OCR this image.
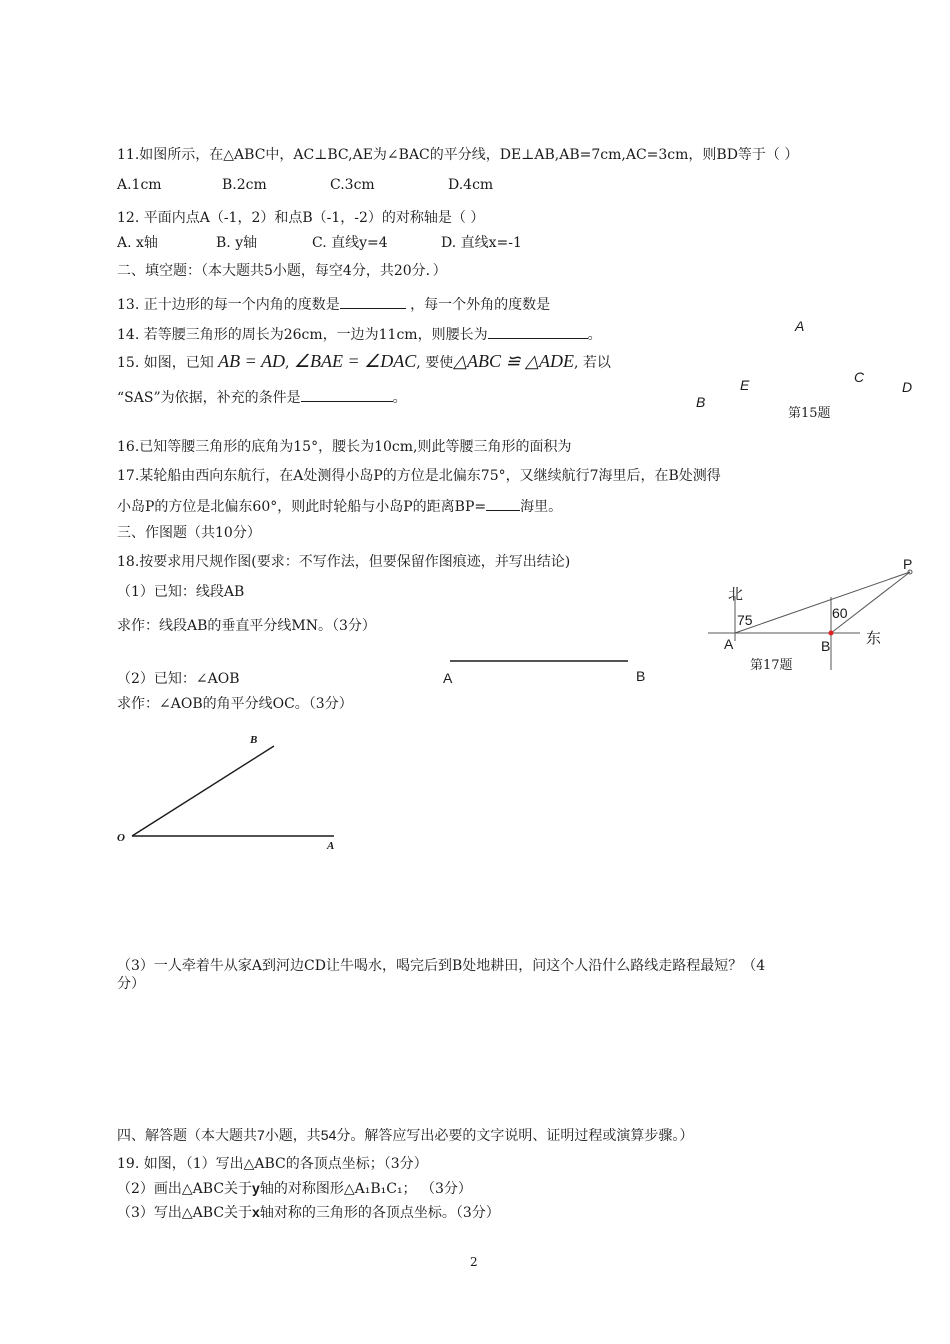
11.如图所示，在△ABC中，AC⊥BC,AE为∠BAC的平分线，DE⊥AB,AB=7cm,AC=3cm，则BD等于（ ）
A.1cm	B.2cm	C.3cm	D.4cm
12. 平面内点A（-1，2）和点B（-1，-2）的对称轴是（ ）
A. x轴	B. y轴	C. 直线y=4	D. 直线x=-1
二、填空题：（本大题共5小题，每空4分，共20分．）
13. 正十边形的每一个内角的度数是	，每一个外角的度数是
14. 若等腰三角形的周长为26cm，一边为11cm，则腰长为	。
15. 如图，已知 AB = AD, ∠BAE = ∠DAC, 要使△ABC ≌ △ADE, 若以
“SAS”为依据，补充的条件是	。
A
E	C
D
B
第15题
16.已知等腰三角形的底角为15°，腰长为10cm,则此等腰三角形的面积为
17.某轮船由西向东航行，在A处测得小岛P的方位是北偏东75°，又继续航行7海里后，在B处测得
小岛P的方位是北偏东60°，则此时轮船与小岛P的距离BP= 海里。
三、作图题（共10分）
18.按要求用尺规作图(要求：不写作法，但要保留作图痕迹，并写出结论)
（1）已知：线段AB
求作：线段AB的垂直平分线MN。（3分）
（2）已知：∠AOB
求作：∠AOB的角平分线OC。（3分）
A	B
B
O
A
（3）一人牵着牛从家A到河边CD让牛喝水，喝完后到B处地耕田，问这个人沿什么路线走路程最短？（4
分）
P
北
75	60
东
A	B
第17题
四、解答题（本大题共7小题，共54分。解答应写出必要的文字说明、证明过程或演算步骤。）
19. 如图，（1）写出△ABC的各顶点坐标；（3分）
（2）画出△ABC关于y轴的对称图形△A₁B₁C₁； （3分）
（3）写出△ABC关于x轴对称的三角形的各顶点坐标。（3分）
2
